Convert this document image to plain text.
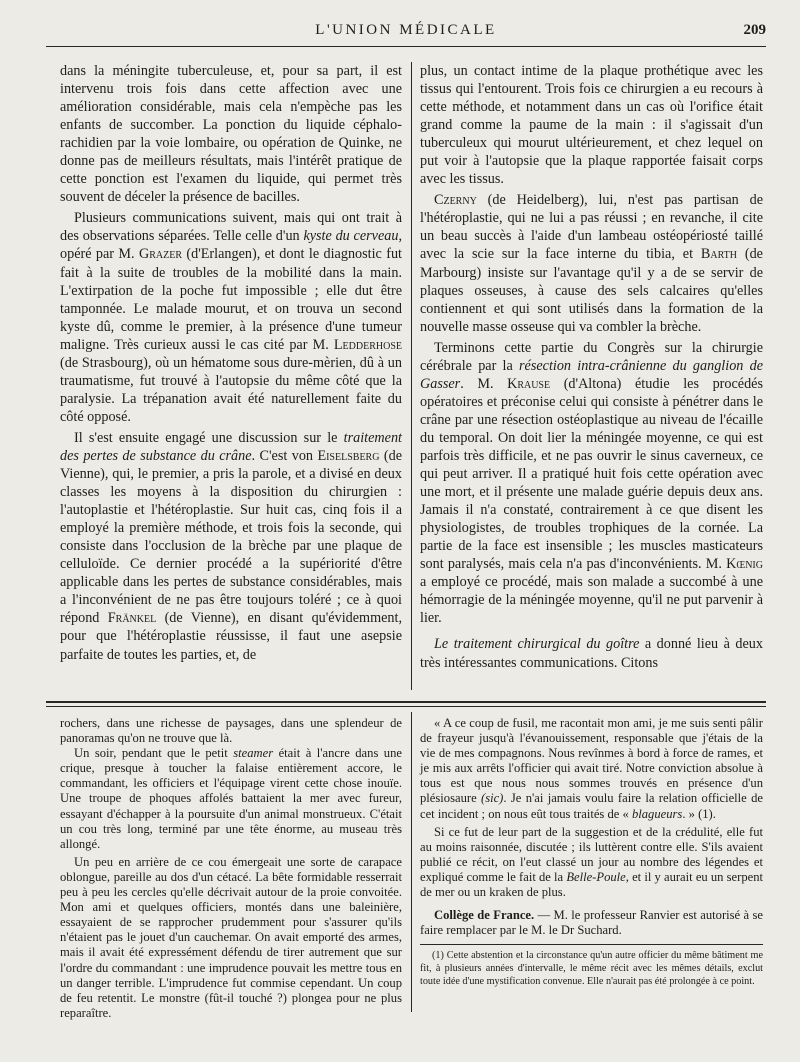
L'UNION MÉDICALE	209

dans la méningite tuberculeuse, et, pour sa part, il est intervenu trois fois dans cette affection avec une amélioration considérable, mais cela n'empèche pas les enfants de succomber. La ponction du liquide céphalo-rachidien par la voie lombaire, ou opération de Quinke, ne donne pas de meilleurs résultats, mais l'intérêt pratique de cette ponction est l'examen du liquide, qui permet très souvent de déceler la présence de bacilles.

Plusieurs communications suivent, mais qui ont trait à des observations séparées. Telle celle d'un kyste du cerveau, opéré par M. Grazer (d'Erlangen), et dont le diagnostic fut fait à la suite de troubles de la mobilité dans la main. L'extirpation de la poche fut impossible ; elle dut être tamponnée. Le malade mourut, et on trouva un second kyste dû, comme le premier, à la présence d'une tumeur maligne. Très curieux aussi le cas cité par M. Ledderhose (de Strasbourg), où un hématome sous dure-mèrien, dû à un traumatisme, fut trouvé à l'autopsie du même côté que la paralysie. La trépanation avait été naturellement faite du côté opposé.

Il s'est ensuite engagé une discussion sur le traitement des pertes de substance du crâne. C'est von Eiselsberg (de Vienne), qui, le premier, a pris la parole, et a divisé en deux classes les moyens à la disposition du chirurgien : l'autoplastie et l'hétéroplastie. Sur huit cas, cinq fois il a employé la première méthode, et trois fois la seconde, qui consiste dans l'occlusion de la brèche par une plaque de celluloïde. Ce dernier procédé a la supériorité d'être applicable dans les pertes de substance considérables, mais a l'inconvénient de ne pas être toujours toléré ; ce à quoi répond Fränkel (de Vienne), en disant qu'évidemment, pour que l'hétéroplastie réussisse, il faut une asepsie parfaite de toutes les parties, et, de

plus, un contact intime de la plaque prothétique avec les tissus qui l'entourent. Trois fois ce chirurgien a eu recours à cette méthode, et notamment dans un cas où l'orifice était grand comme la paume de la main : il s'agissait d'un tuberculeux qui mourut ultérieurement, et chez lequel on put voir à l'autopsie que la plaque rapportée faisait corps avec les tissus.

Czerny (de Heidelberg), lui, n'est pas partisan de l'hétéroplastie, qui ne lui a pas réussi ; en revanche, il cite un beau succès à l'aide d'un lambeau ostéopériosté taillé avec la scie sur la face interne du tibia, et Barth (de Marbourg) insiste sur l'avantage qu'il y a de se servir de plaques osseuses, à cause des sels calcaires qu'elles contiennent et qui sont utilisés dans la formation de la nouvelle masse osseuse qui va combler la brèche.

Terminons cette partie du Congrès sur la chirurgie cérébrale par la résection intra-crânienne du ganglion de Gasser. M. Krause (d'Altona) étudie les procédés opératoires et préconise celui qui consiste à pénétrer dans le crâne par une résection ostéoplastique au niveau de l'écaille du temporal. On doit lier la méningée moyenne, ce qui est parfois très difficile, et ne pas ouvrir le sinus caverneux, ce qui peut arriver. Il a pratiqué huit fois cette opération avec une mort, et il présente une malade guérie depuis deux ans. Jamais il n'a constaté, contrairement à ce que disent les physiologistes, de troubles trophiques de la cornée. La partie de la face est insensible ; les muscles masticateurs sont paralysés, mais cela n'a pas d'inconvénients. M. Kœnig a employé ce procédé, mais son malade a succombé à une hémorragie de la méningée moyenne, qu'il ne put parvenir à lier.

Le traitement chirurgical du goître a donné lieu à deux très intéressantes communications. Citons

rochers, dans une richesse de paysages, dans une splendeur de panoramas qu'on ne trouve que là.

Un soir, pendant que le petit steamer était à l'ancre dans une crique, presque à toucher la falaise entièrement accore, le commandant, les officiers et l'équipage virent cette chose inouïe. Une troupe de phoques affolés battaient la mer avec fureur, essayant d'échapper à la poursuite d'un animal monstrueux. C'était un cou très long, terminé par une tête énorme, au museau très allongé.

Un peu en arrière de ce cou émergeait une sorte de carapace oblongue, pareille au dos d'un cétacé. La bête formidable resserrait peu à peu les cercles qu'elle décrivait autour de la proie convoitée. Mon ami et quelques officiers, montés dans une baleinière, essayaient de se rapprocher prudemment pour s'assurer qu'ils n'étaient pas le jouet d'un cauchemar. On avait emporté des armes, mais il avait été expressément défendu de tirer autrement que sur l'ordre du commandant : une imprudence pouvait les mettre tous en un danger terrible. L'imprudence fut commise cependant. Un coup de feu retentit. Le monstre (fût-il touché ?) plongea pour ne plus reparaître.

« A ce coup de fusil, me racontait mon ami, je me suis senti pâlir de frayeur jusqu'à l'évanouissement, responsable que j'étais de la vie de mes compagnons. Nous revînmes à bord à force de rames, et je mis aux arrêts l'officier qui avait tiré. Notre conviction absolue à tous est que nous nous sommes trouvés en présence d'un plésiosaure (sic). Je n'ai jamais voulu faire la relation officielle de cet incident ; on nous eût tous traités de « blagueurs. » (1).

Si ce fut de leur part de la suggestion et de la crédulité, elle fut au moins raisonnée, discutée ; ils luttèrent contre elle. S'ils avaient publié ce récit, on l'eut classé un jour au nombre des légendes et expliqué comme le fait de la Belle-Poule, et il y aurait eu un serpent de mer ou un kraken de plus.

Collège de France. — M. le professeur Ranvier est autorisé à se faire remplacer par le M. le Dr Suchard.

(1) Cette abstention et la circonstance qu'un autre officier du même bâtiment me fit, à plusieurs années d'intervalle, le même récit avec les mêmes détails, exclut toute idée d'une mystification convenue. Elle n'aurait pas été prolongée à ce point.
